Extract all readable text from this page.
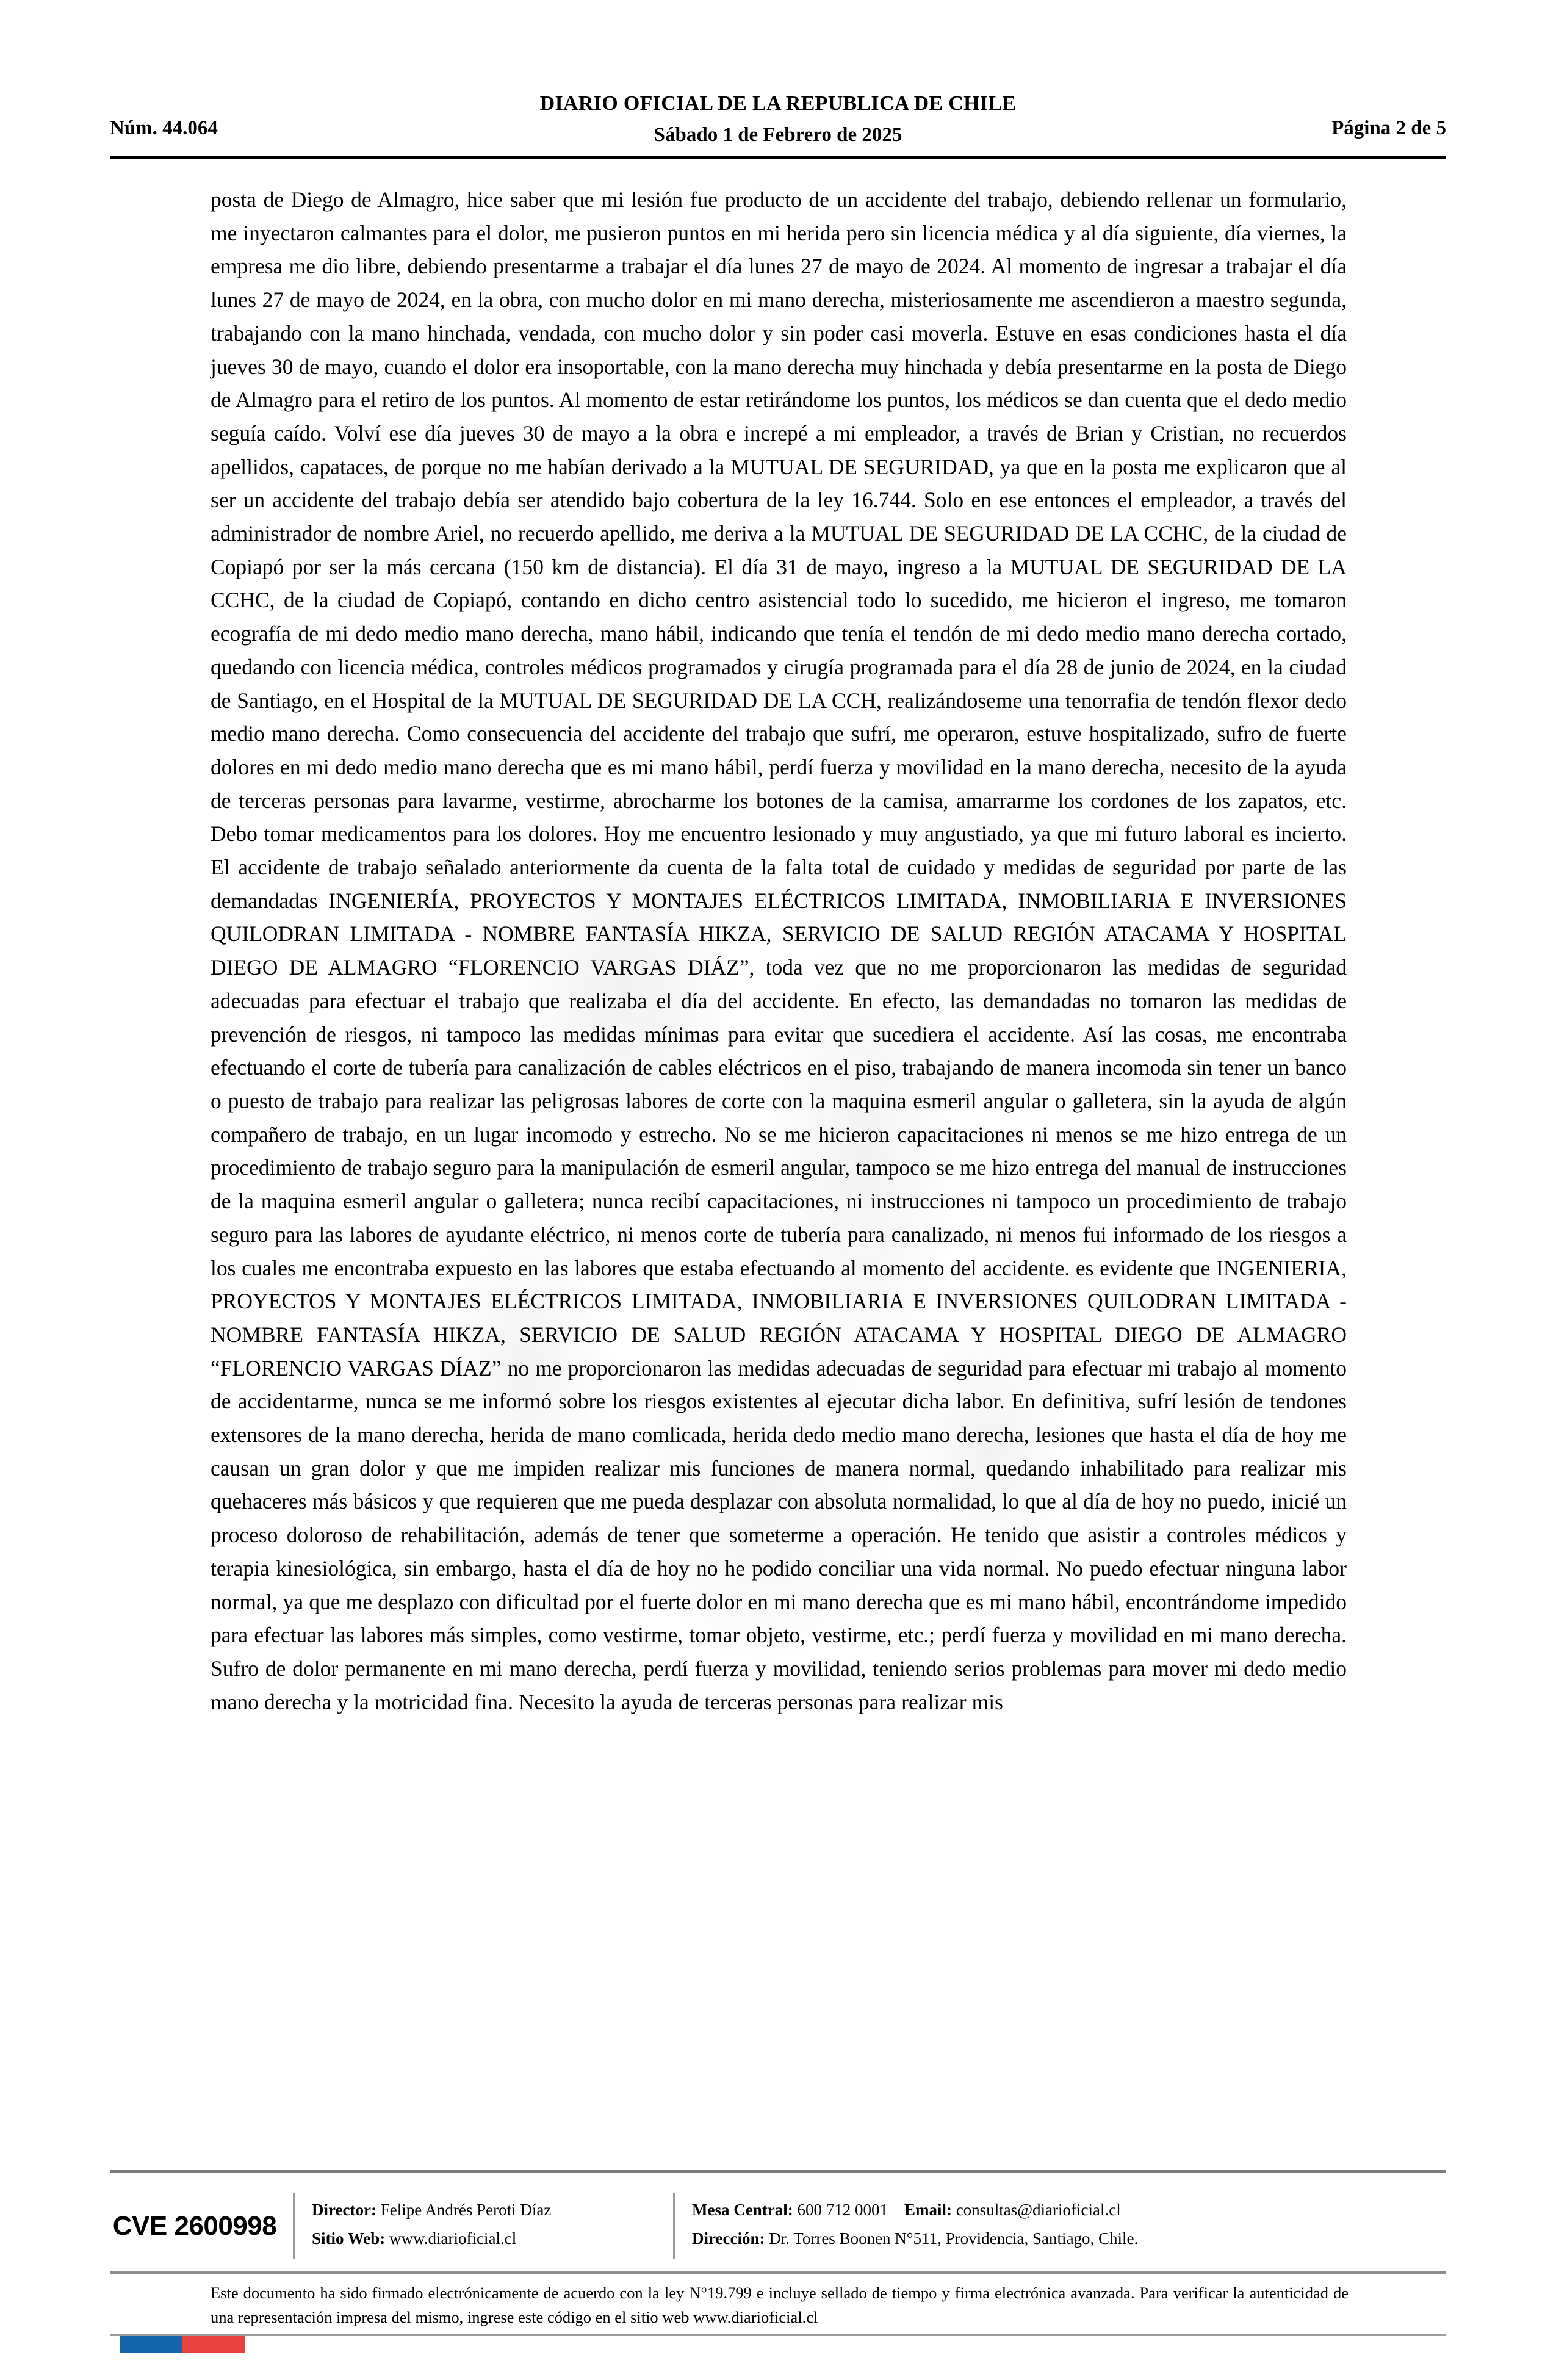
DIARIO OFICIAL DE LA REPUBLICA DE CHILE
Sábado 1 de Febrero de 2025
Núm. 44.064	Página 2 de 5

posta de Diego de Almagro, hice saber que mi lesión fue producto de un accidente del trabajo, debiendo rellenar un formulario, me inyectaron calmantes para el dolor, me pusieron puntos en mi herida pero sin licencia médica y al día siguiente, día viernes, la empresa me dio libre, debiendo presentarme a trabajar el día lunes 27 de mayo de 2024. Al momento de ingresar a trabajar el día lunes 27 de mayo de 2024, en la obra, con mucho dolor en mi mano derecha, misteriosamente me ascendieron a maestro segunda, trabajando con la mano hinchada, vendada, con mucho dolor y sin poder casi moverla. Estuve en esas condiciones hasta el día jueves 30 de mayo, cuando el dolor era insoportable, con la mano derecha muy hinchada y debía presentarme en la posta de Diego de Almagro para el retiro de los puntos. Al momento de estar retirándome los puntos, los médicos se dan cuenta que el dedo medio seguía caído. Volví ese día jueves 30 de mayo a la obra e increpé a mi empleador, a través de Brian y Cristian, no recuerdos apellidos, capataces, de porque no me habían derivado a la MUTUAL DE SEGURIDAD, ya que en la posta me explicaron que al ser un accidente del trabajo debía ser atendido bajo cobertura de la ley 16.744. Solo en ese entonces el empleador, a través del administrador de nombre Ariel, no recuerdo apellido, me deriva a la MUTUAL DE SEGURIDAD DE LA CCHC, de la ciudad de Copiapó por ser la más cercana (150 km de distancia). El día 31 de mayo, ingreso a la MUTUAL DE SEGURIDAD DE LA CCHC, de la ciudad de Copiapó, contando en dicho centro asistencial todo lo sucedido, me hicieron el ingreso, me tomaron ecografía de mi dedo medio mano derecha, mano hábil, indicando que tenía el tendón de mi dedo medio mano derecha cortado, quedando con licencia médica, controles médicos programados y cirugía programada para el día 28 de junio de 2024, en la ciudad de Santiago, en el Hospital de la MUTUAL DE SEGURIDAD DE LA CCH, realizándoseme una tenorrafia de tendón flexor dedo medio mano derecha. Como consecuencia del accidente del trabajo que sufrí, me operaron, estuve hospitalizado, sufro de fuerte dolores en mi dedo medio mano derecha que es mi mano hábil, perdí fuerza y movilidad en la mano derecha, necesito de la ayuda de terceras personas para lavarme, vestirme, abrocharme los botones de la camisa, amarrarme los cordones de los zapatos, etc. Debo tomar medicamentos para los dolores. Hoy me encuentro lesionado y muy angustiado, ya que mi futuro laboral es incierto. El accidente de trabajo señalado anteriormente da cuenta de la falta total de cuidado y medidas de seguridad por parte de las demandadas INGENIERÍA, PROYECTOS Y MONTAJES ELÉCTRICOS LIMITADA, INMOBILIARIA E INVERSIONES QUILODRAN LIMITADA - NOMBRE FANTASÍA HIKZA, SERVICIO DE SALUD REGIÓN ATACAMA Y HOSPITAL DIEGO DE ALMAGRO “FLORENCIO VARGAS DIÁZ”, toda vez que no me proporcionaron las medidas de seguridad adecuadas para efectuar el trabajo que realizaba el día del accidente. En efecto, las demandadas no tomaron las medidas de prevención de riesgos, ni tampoco las medidas mínimas para evitar que sucediera el accidente. Así las cosas, me encontraba efectuando el corte de tubería para canalización de cables eléctricos en el piso, trabajando de manera incomoda sin tener un banco o puesto de trabajo para realizar las peligrosas labores de corte con la maquina esmeril angular o galletera, sin la ayuda de algún compañero de trabajo, en un lugar incomodo y estrecho. No se me hicieron capacitaciones ni menos se me hizo entrega de un procedimiento de trabajo seguro para la manipulación de esmeril angular, tampoco se me hizo entrega del manual de instrucciones de la maquina esmeril angular o galletera; nunca recibí capacitaciones, ni instrucciones ni tampoco un procedimiento de trabajo seguro para las labores de ayudante eléctrico, ni menos corte de tubería para canalizado, ni menos fui informado de los riesgos a los cuales me encontraba expuesto en las labores que estaba efectuando al momento del accidente. es evidente que INGENIERIA, PROYECTOS Y MONTAJES ELÉCTRICOS LIMITADA, INMOBILIARIA E INVERSIONES QUILODRAN LIMITADA - NOMBRE FANTASÍA HIKZA, SERVICIO DE SALUD REGIÓN ATACAMA Y HOSPITAL DIEGO DE ALMAGRO “FLORENCIO VARGAS DÍAZ” no me proporcionaron las medidas adecuadas de seguridad para efectuar mi trabajo al momento de accidentarme, nunca se me informó sobre los riesgos existentes al ejecutar dicha labor. En definitiva, sufrí lesión de tendones extensores de la mano derecha, herida de mano comlicada, herida dedo medio mano derecha, lesiones que hasta el día de hoy me causan un gran dolor y que me impiden realizar mis funciones de manera normal, quedando inhabilitado para realizar mis quehaceres más básicos y que requieren que me pueda desplazar con absoluta normalidad, lo que al día de hoy no puedo, inicié un proceso doloroso de rehabilitación, además de tener que someterme a operación. He tenido que asistir a controles médicos y terapia kinesiológica, sin embargo, hasta el día de hoy no he podido conciliar una vida normal. No puedo efectuar ninguna labor normal, ya que me desplazo con dificultad por el fuerte dolor en mi mano derecha que es mi mano hábil, encontrándome impedido para efectuar las labores más simples, como vestirme, tomar objeto, vestirme, etc.; perdí fuerza y movilidad en mi mano derecha. Sufro de dolor permanente en mi mano derecha, perdí fuerza y movilidad, teniendo serios problemas para mover mi dedo medio mano derecha y la motricidad fina. Necesito la ayuda de terceras personas para realizar mis

CVE 2600998
Director: Felipe Andrés Peroti Díaz
Sitio Web: www.diarioficial.cl
Mesa Central: 600 712 0001 Email: consultas@diarioficial.cl
Dirección: Dr. Torres Boonen N°511, Providencia, Santiago, Chile.

Este documento ha sido firmado electrónicamente de acuerdo con la ley N°19.799 e incluye sellado de tiempo y firma electrónica avanzada. Para verificar la autenticidad de una representación impresa del mismo, ingrese este código en el sitio web www.diarioficial.cl
